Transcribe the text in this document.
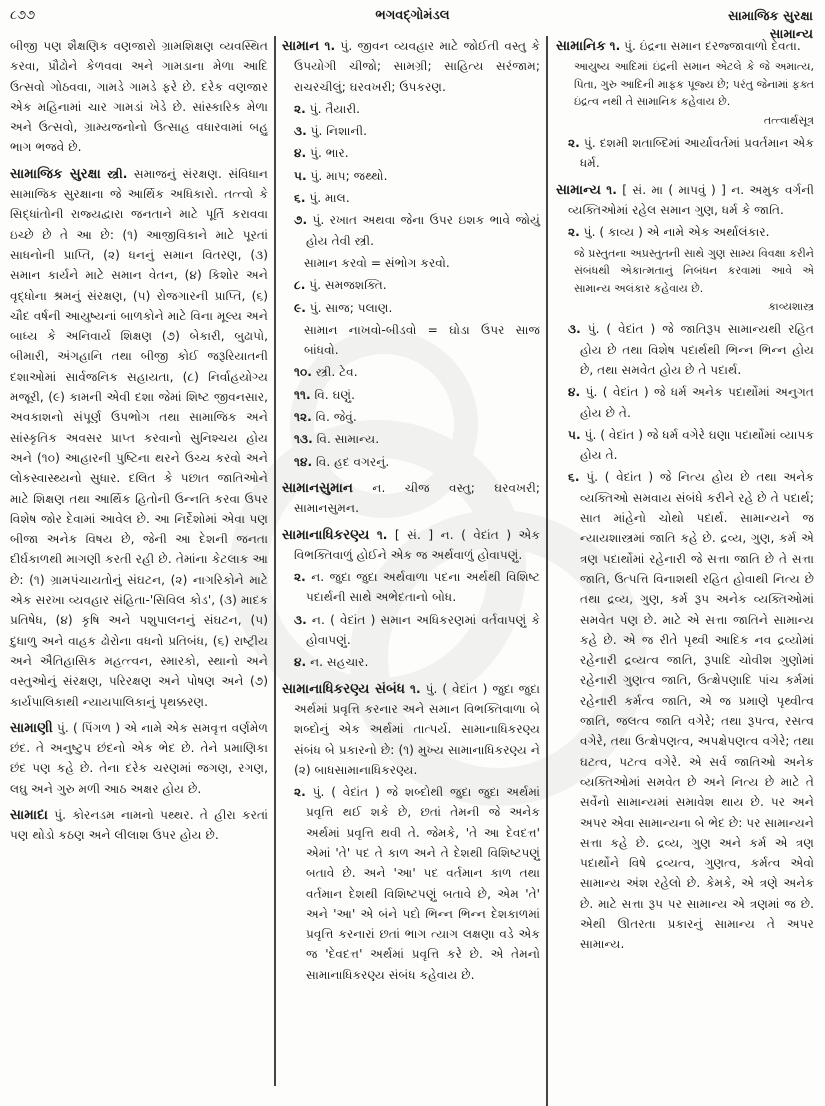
૮૭૭	ભગવદ્ગોમંડલ	સામાજિક સુરક્ષા
સામાન્ય

બીજી પણ શૈક્ષણિક વણજારો ગ્રામશિક્ષણ વ્યવસ્થિત કરવા, પ્રૌઢોને કેળવવા અને ગામડાના મેળા આદિ ઉત્સવો ગોઠવવા, ગામડે ગામડે ફરે છે. દરેક વણજાર એક મહિનામાં ચાર ગામડાં ખેડે છે. સાંસ્કારિક મેળા અને ઉત્સવો, ગ્રામ્યજનોનો ઉત્સાહ વધારવામાં બહુ ભાગ ભજવે છે.

સામાજિક સુરક્ષા સ્ત્રી. સમાજનું સંરક્ષણ. સંવિધાન સામાજિક સુરક્ષાના જે આર્થિક અધિકારો. તત્ત્વો કે સિદ્ધાંતોની રાજ્યદ્વારા જનતાને માટે પૂર્તિ કરાવવા ઇચ્છે છે તે આ છે: (૧) આજીવિકાને માટે પૂરતાં સાધનોની પ્રાપ્તિ, (૨) ધનનું સમાન વિતરણ, (૩) સમાન કાર્યને માટે સમાન વેતન, (૪) કિશોર અને વૃદ્ધોના શ્રમનું સંરક્ષણ, (૫) રોજગારની પ્રાપ્તિ, (૬) ચૌદ વર્ષની આયુષ્યનાં બાળકોને માટે વિના મૂલ્ય અને બાધ્ય કે અનિવાર્ય શિક્ષણ (૭) બેકારી, બુઢાપો, બીમારી, અંગહાનિ તથા બીજી કોઈ જરૂરિયાતની દશાઓમાં સાર્વજનિક સહાયતા, (૮) નિર્વાહયોગ્ય મજૂરી, (૯) કામની એવી દશા જેમાં શિષ્ટ જીવનસાર, અવકાશનો સંપૂર્ણ ઉપભોગ તથા સામાજિક અને સાંસ્કૃતિક અવસર પ્રાપ્ત કરવાનો સુનિશ્ચય હોય અને (૧૦) આહારની પુષ્ટિના થરને ઉચ્ચ કરવો અને લોકસ્વાસ્થ્યનો સુધાર. દલિત કે પછાત જાતિઓને માટે શિક્ષણ તથા આર્થિક હિતોની ઉન્નતિ કરવા ઉપર વિશેષ જોર દેવામાં આવેલ છે. આ નિર્દેશોમાં એવા પણ બીજા અનેક વિષય છે, જેની આ દેશની જનતા દીર્ઘકાળથી માગણી કરતી રહી છે. તેમાંના કેટલાક આ છે: (૧) ગ્રામપંચાયતોનું સંઘટન, (૨) નાગરિકોને માટે એક સરખા વ્યવહાર સંહિતા-'સિવિલ કોડ', (૩) માદક પ્રતિષેધ, (૪) કૃષિ અને પશુપાલનનું સંઘટન, (૫) દુધાળુ અને વાહક ઢોરોના વધનો પ્રતિબંધ, (૬) રાષ્ટ્રીય અને ઐતિહાસિક મહત્ત્વન, સ્મારકો, સ્થાનો અને વસ્તુઓનું સંરક્ષણ, પરિરક્ષણ અને પોષણ અને (૭) કાર્યપાલિકાથી ન્યાયપાલિકાનું પૃથક્કરણ.
સામાણી પું. ( પિંગળ ) એ નામે એક સમવૃત્ત વર્ણમેળ છંદ. તે અનુષ્ટુપ છંદનો એક ભેદ છે. તેને પ્રમાણિકા છંદ પણ કહે છે. તેના દરેક ચરણમાં જગણ, રગણ, લઘુ અને ગુરુ મળી આઠ અક્ષર હોય છે.
સામાદા પું. કોરનડમ નામનો પથ્થર. તે હીરા કરતાં પણ થોડો કઠણ અને લીલાશ ઉપર હોય છે.
સામાન ૧. પું. જીવન વ્યવહાર માટે જોઈતી વસ્તુ કે ઉપયોગી ચીજો; સામગ્રી; સાહિત્ય સરંજામ; રાચરચીલું; ઘરવખરી; ઉપકરણ.
૨. પું. તૈયારી.
૩. પું. નિશાની.
૪. પું. ભાર.
૫. પું. માપ; જથ્થો.
૬. પું. માલ.
૭. પું. રખાત અથવા જેના ઉપર ઇશક ભાવે જોયું હોય તેવી સ્ત્રી.
સામાન કરવો = સંભોગ કરવો.
૮. પું. સમજશક્તિ.
૯. પું. સાજ; પલાણ.
સામાન નાખવો-બીડવો = ઘોડા ઉપર સાજ બાંધવો.
૧૦. સ્ત્રી. ટેવ.
૧૧. વિ. ઘણું.
૧૨. વિ. જેવું.
૧૩. વિ. સામાન્ય.
૧૪. વિ. હદ વગરનું.
સામાનસુમાન ન. ચીજ વસ્તુ; ઘરવખરી; સામાનસુમન.
સામાનાધિકરણ્ય ૧. [ સં. ] ન. ( વેદાંત ) એક વિભક્તિવાળું હોઈને એક જ અર્થવાળું હોવાપણું.
૨. ન. જુદા જુદા અર્થવાળા પદના અર્થથી વિશિષ્ટ પદાર્થની સાથે અભેદતાનો બોધ.
૩. ન. ( વેદાંત ) સમાન અધિકરણમાં વર્તવાપણું કે હોવાપણું.
૪. ન. સહચાર.
સામાનાધિકરણ્ય સંબંધ ૧. પું. ( વેદાંત ) જુદા જુદા અર્થમાં પ્રવૃત્તિ કરનાર અને સમાન વિભક્તિવાળા બે શબ્દોનું એક અર્થમાં તાત્પર્ય. સામાનાધિકરણ્ય સંબંધ બે પ્રકારનો છે: (૧) મુખ્ય સામાનાધિકરણ્ય ને (૨) બાધસામાનાધિકરણ્ય.
૨. પું. ( વેદાંત ) જે શબ્દોથી જુદા જુદા અર્થમાં પ્રવૃત્તિ થઈ શકે છે, છતાં તેમની જે અનેક અર્થમાં પ્રવૃત્તિ થવી તે. જેમકે, 'તે આ દેવદત્ત' એમાં 'તે' પદ તે કાળ અને તે દેશથી વિશિષ્ટપણું બતાવે છે. અને 'આ' પદ વર્તમાન કાળ તથા વર્તમાન દેશથી વિશિષ્ટપણું બતાવે છે, એમ 'તે' અને 'આ' એ બંને પદો ભિન્ન ભિન્ન દેશકાળમાં પ્રવૃત્તિ કરનારાં છતાં ભાગ ત્યાગ લક્ષણા વડે એક જ 'દેવદત્ત' અર્થમાં પ્રવૃત્તિ કરે છે. એ તેમનો સામાનાધિકરણ્ય સંબંધ કહેવાય છે.
સામાનિક ૧. પું. ઇંદ્રના સમાન દરજ્જાવાળો દેવતા.
આયુષ્ય આદિમાં ઇંદ્રની સમાન એટલે કે જે અમાત્ય, પિતા, ગુરુ આદિની માફક પૂજ્ય છે; પરંતુ જેનામાં ફક્ત ઇંદ્રત્વ નથી તે સામાનિક કહેવાય છે.
તત્ત્વાર્થસૂત્ર
૨. પું. દશમી શતાબ્દિમાં આર્યાવર્તમાં પ્રવર્તમાન એક ધર્મ.
સામાન્ય ૧. [ સં. મા ( માપવું ) ] ન. અમુક વર્ગની વ્યક્તિઓમાં રહેલ સમાન ગુણ, ધર્મ કે જાતિ.
૨. પું. ( કાવ્ય ) એ નામે એક અર્થાલંકાર.
જે પ્રસ્તુતના અપ્રસ્તુતની સાથે ગુણ સામ્ય વિવક્ષા કરીને સંબંધથી એકાત્મતાનું નિબંધન કરવામાં આવે એ સામાન્ય અલંકાર કહેવાય છે.
કાવ્યશાસ્ત્ર
૩. પું. ( વેદાંત ) જે જાતિરૂપ સામાન્યથી રહિત હોય છે તથા વિશેષ પદાર્થથી ભિન્ન ભિન્ન હોય છે, તથા સમવેત હોય છે તે પદાર્થ.
૪. પું. ( વેદાંત ) જે ધર્મ અનેક પદાર્થોમાં અનુગત હોય છે તે.
૫. પું. ( વેદાંત ) જે ધર્મ વગેરે ઘણા પદાર્થોમાં વ્યાપક હોય તે.
૬. પું. ( વેદાંત ) જે નિત્ય હોય છે તથા અનેક વ્યક્તિઓ સમવાય સંબંધે કરીને રહે છે તે પદાર્થ; સાત માંહેનો ચોથો પદાર્થ. સામાન્યને જ ન્યાયશાસ્ત્રમાં જાતિ કહે છે. દ્રવ્ય, ગુણ, કર્મ એ ત્રણ પદાર્થોમાં રહેનારી જે સત્તા જાતિ છે તે સત્તા જાતિ, ઉત્પત્તિ વિનાશથી રહિત હોવાથી નિત્ય છે તથા દ્રવ્ય, ગુણ, કર્મ રૂપ અનેક વ્યક્તિઓમાં સમવેત પણ છે. માટે એ સત્તા જાતિને સામાન્ય કહે છે. એ જ રીતે પૃથ્વી આદિક નવ દ્રવ્યોમાં રહેનારી દ્રવ્યત્વ જાતિ, રૂપાદિ ચોવીશ ગુણોમાં રહેનારી ગુણત્વ જાતિ, ઉત્ક્ષેપણાદિ પાંચ કર્મમાં રહેનારી કર્મત્વ જાતિ, એ જ પ્રમાણે પૃથ્વીત્વ જાતિ, જલત્વ જાતિ વગેરે; તથા રૂપત્વ, રસત્વ વગેરે, તથા ઉત્ક્ષેપણત્વ, અપક્ષેપણત્વ વગેરે; તથા ઘટત્વ, પટત્વ વગેરે. એ સર્વ જાતિઓ અનેક વ્યક્તિઓમાં સમવેત છે અને નિત્ય છે માટે તે સર્વેનો સામાન્યમાં સમાવેશ થાય છે. પર અને અપર એવા સામાન્યના બે ભેદ છે: પર સામાન્યને સત્તા કહે છે. દ્રવ્ય, ગુણ અને કર્મ એ ત્રણ પદાર્થોને વિષે દ્રવ્યત્વ, ગુણત્વ, કર્મત્વ એવો સામાન્ય અંશ રહેલો છે. કેમકે, એ ત્રણે અનેક છે. માટે સત્તા રૂપ પર સામાન્ય એ ત્રણમાં જ છે. એથી ઊતરતા પ્રકારનું સામાન્ય તે અપર સામાન્ય.
